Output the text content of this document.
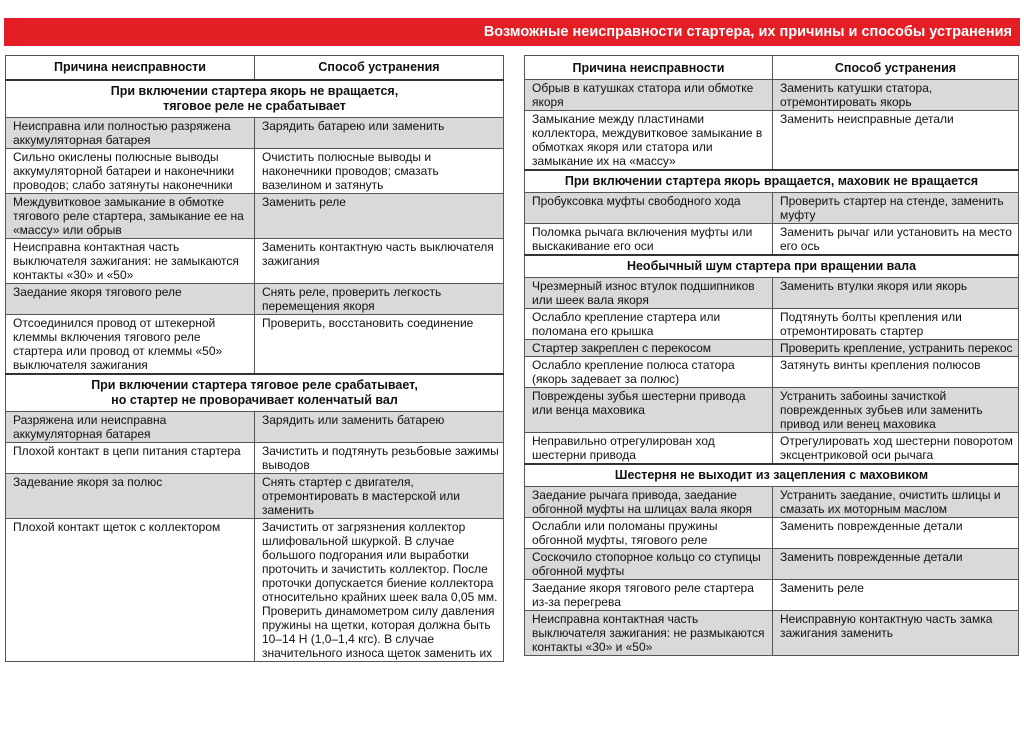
Возможные неисправности стартера, их причины и способы устранения
Причина неисправности	Способ устранения
При включении стартера якорь не вращается,
тяговое реле не срабатывает	
Неисправна или полностью разряжена аккумуляторная батарея	Зарядить батарею или заменить
Сильно окислены полюсные выводы аккумуляторной батареи и наконечники проводов; слабо затянуты наконечники	Очистить полюсные выводы и наконечники проводов; смазать вазелином и затянуть
Междувитковое замыкание в обмотке тягового реле стартера, замыкание ее на «массу» или обрыв	Заменить реле
Неисправна контактная часть выключателя зажигания: не замыкаются контакты «30» и «50»	Заменить контактную часть выключателя зажигания
Заедание якоря тягового реле	Снять реле, проверить легкость перемещения якоря
Отсоединился провод от штекерной клеммы включения тягового реле стартера или провод от клеммы «50» выключателя зажигания	Проверить, восстановить соединение
При включении стартера тяговое реле срабатывает,
но стартер не проворачивает коленчатый вал	
Разряжена или неисправна аккумуляторная батарея	Зарядить или заменить батарею
Плохой контакт в цепи питания стартера	Зачистить и подтянуть резьбовые зажимы выводов
Задевание якоря за полюс	Снять стартер с двигателя, отремонтировать в мастерской или заменить
Плохой контакт щеток с коллектором	Зачистить от загрязнения коллектор шлифовальной шкуркой. В случае большого подгорания или выработки проточить и зачистить коллектор. После проточки допускается биение коллектора относительно крайних шеек вала 0,05 мм. Проверить динамометром силу давления пружины на щетки, которая должна быть 10–14 Н (1,0–1,4 кгс). В случае значительного износа щеток заменить их
Причина неисправности	Способ устранения
Обрыв в катушках статора или обмотке якоря	Заменить катушки статора, отремонтировать якорь
Замыкание между пластинами коллектора, междувитковое замыкание в обмотках якоря или статора или замыкание их на «массу»	Заменить неисправные детали
При включении стартера якорь вращается, маховик не вращается	
Пробуксовка муфты свободного хода	Проверить стартер на стенде, заменить муфту
Поломка рычага включения муфты или выскакивание его оси	Заменить рычаг или установить на место его ось
Необычный шум стартера при вращении вала	
Чрезмерный износ втулок подшипников или шеек вала якоря	Заменить втулки якоря или якорь
Ослабло крепление стартера или поломана его крышка	Подтянуть болты крепления или отремонтировать стартер
Стартер закреплен с перекосом	Проверить крепление, устранить перекос
Ослабло крепление полюса статора (якорь задевает за полюс)	Затянуть винты крепления полюсов
Повреждены зубья шестерни привода или венца маховика	Устранить забоины зачисткой поврежденных зубьев или заменить привод или венец маховика
Неправильно отрегулирован ход шестерни привода	Отрегулировать ход шестерни поворотом эксцентриковой оси рычага
Шестерня не выходит из зацепления с маховиком	
Заедание рычага привода, заедание обгонной муфты на шлицах вала якоря	Устранить заедание, очистить шлицы и смазать их моторным маслом
Ослабли или поломаны пружины обгонной муфты, тягового реле	Заменить поврежденные детали
Соскочило стопорное кольцо со ступицы обгонной муфты	Заменить поврежденные детали
Заедание якоря тягового реле стартера из-за перегрева	Заменить реле
Неисправна контактная часть выключателя зажигания: не размыкаются контакты «30» и «50»	Неисправную контактную часть замка зажигания заменить
